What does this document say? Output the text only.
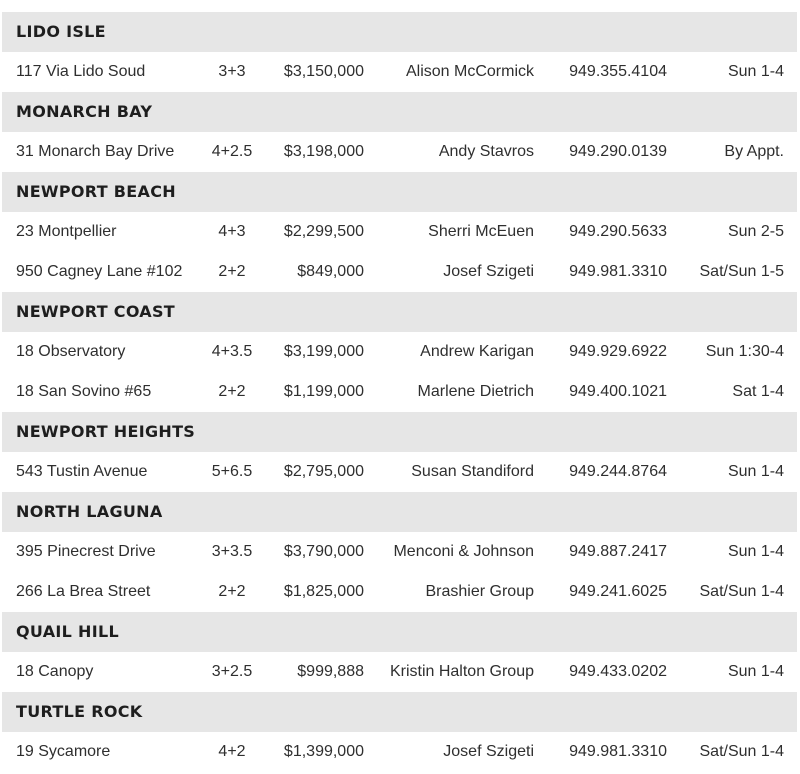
LIDO ISLE
117 Via Lido Soud	3+3	$3,150,000	Alison McCormick	949.355.4104	Sun 1-4
MONARCH BAY
31 Monarch Bay Drive	4+2.5	$3,198,000	Andy Stavros	949.290.0139	By Appt.
NEWPORT BEACH
23 Montpellier	4+3	$2,299,500	Sherri McEuen	949.290.5633	Sun 2-5
950 Cagney Lane #102	2+2	$849,000	Josef Szigeti	949.981.3310	Sat/Sun 1-5
NEWPORT COAST
18 Observatory	4+3.5	$3,199,000	Andrew Karigan	949.929.6922	Sun 1:30-4
18 San Sovino #65	2+2	$1,199,000	Marlene Dietrich	949.400.1021	Sat 1-4
NEWPORT HEIGHTS
543 Tustin Avenue	5+6.5	$2,795,000	Susan Standiford	949.244.8764	Sun 1-4
NORTH LAGUNA
395 Pinecrest Drive	3+3.5	$3,790,000	Menconi & Johnson	949.887.2417	Sun 1-4
266 La Brea Street	2+2	$1,825,000	Brashier Group	949.241.6025	Sat/Sun 1-4
QUAIL HILL
18 Canopy	3+2.5	$999,888	Kristin Halton Group	949.433.0202	Sun 1-4
TURTLE ROCK
19 Sycamore	4+2	$1,399,000	Josef Szigeti	949.981.3310	Sat/Sun 1-4
